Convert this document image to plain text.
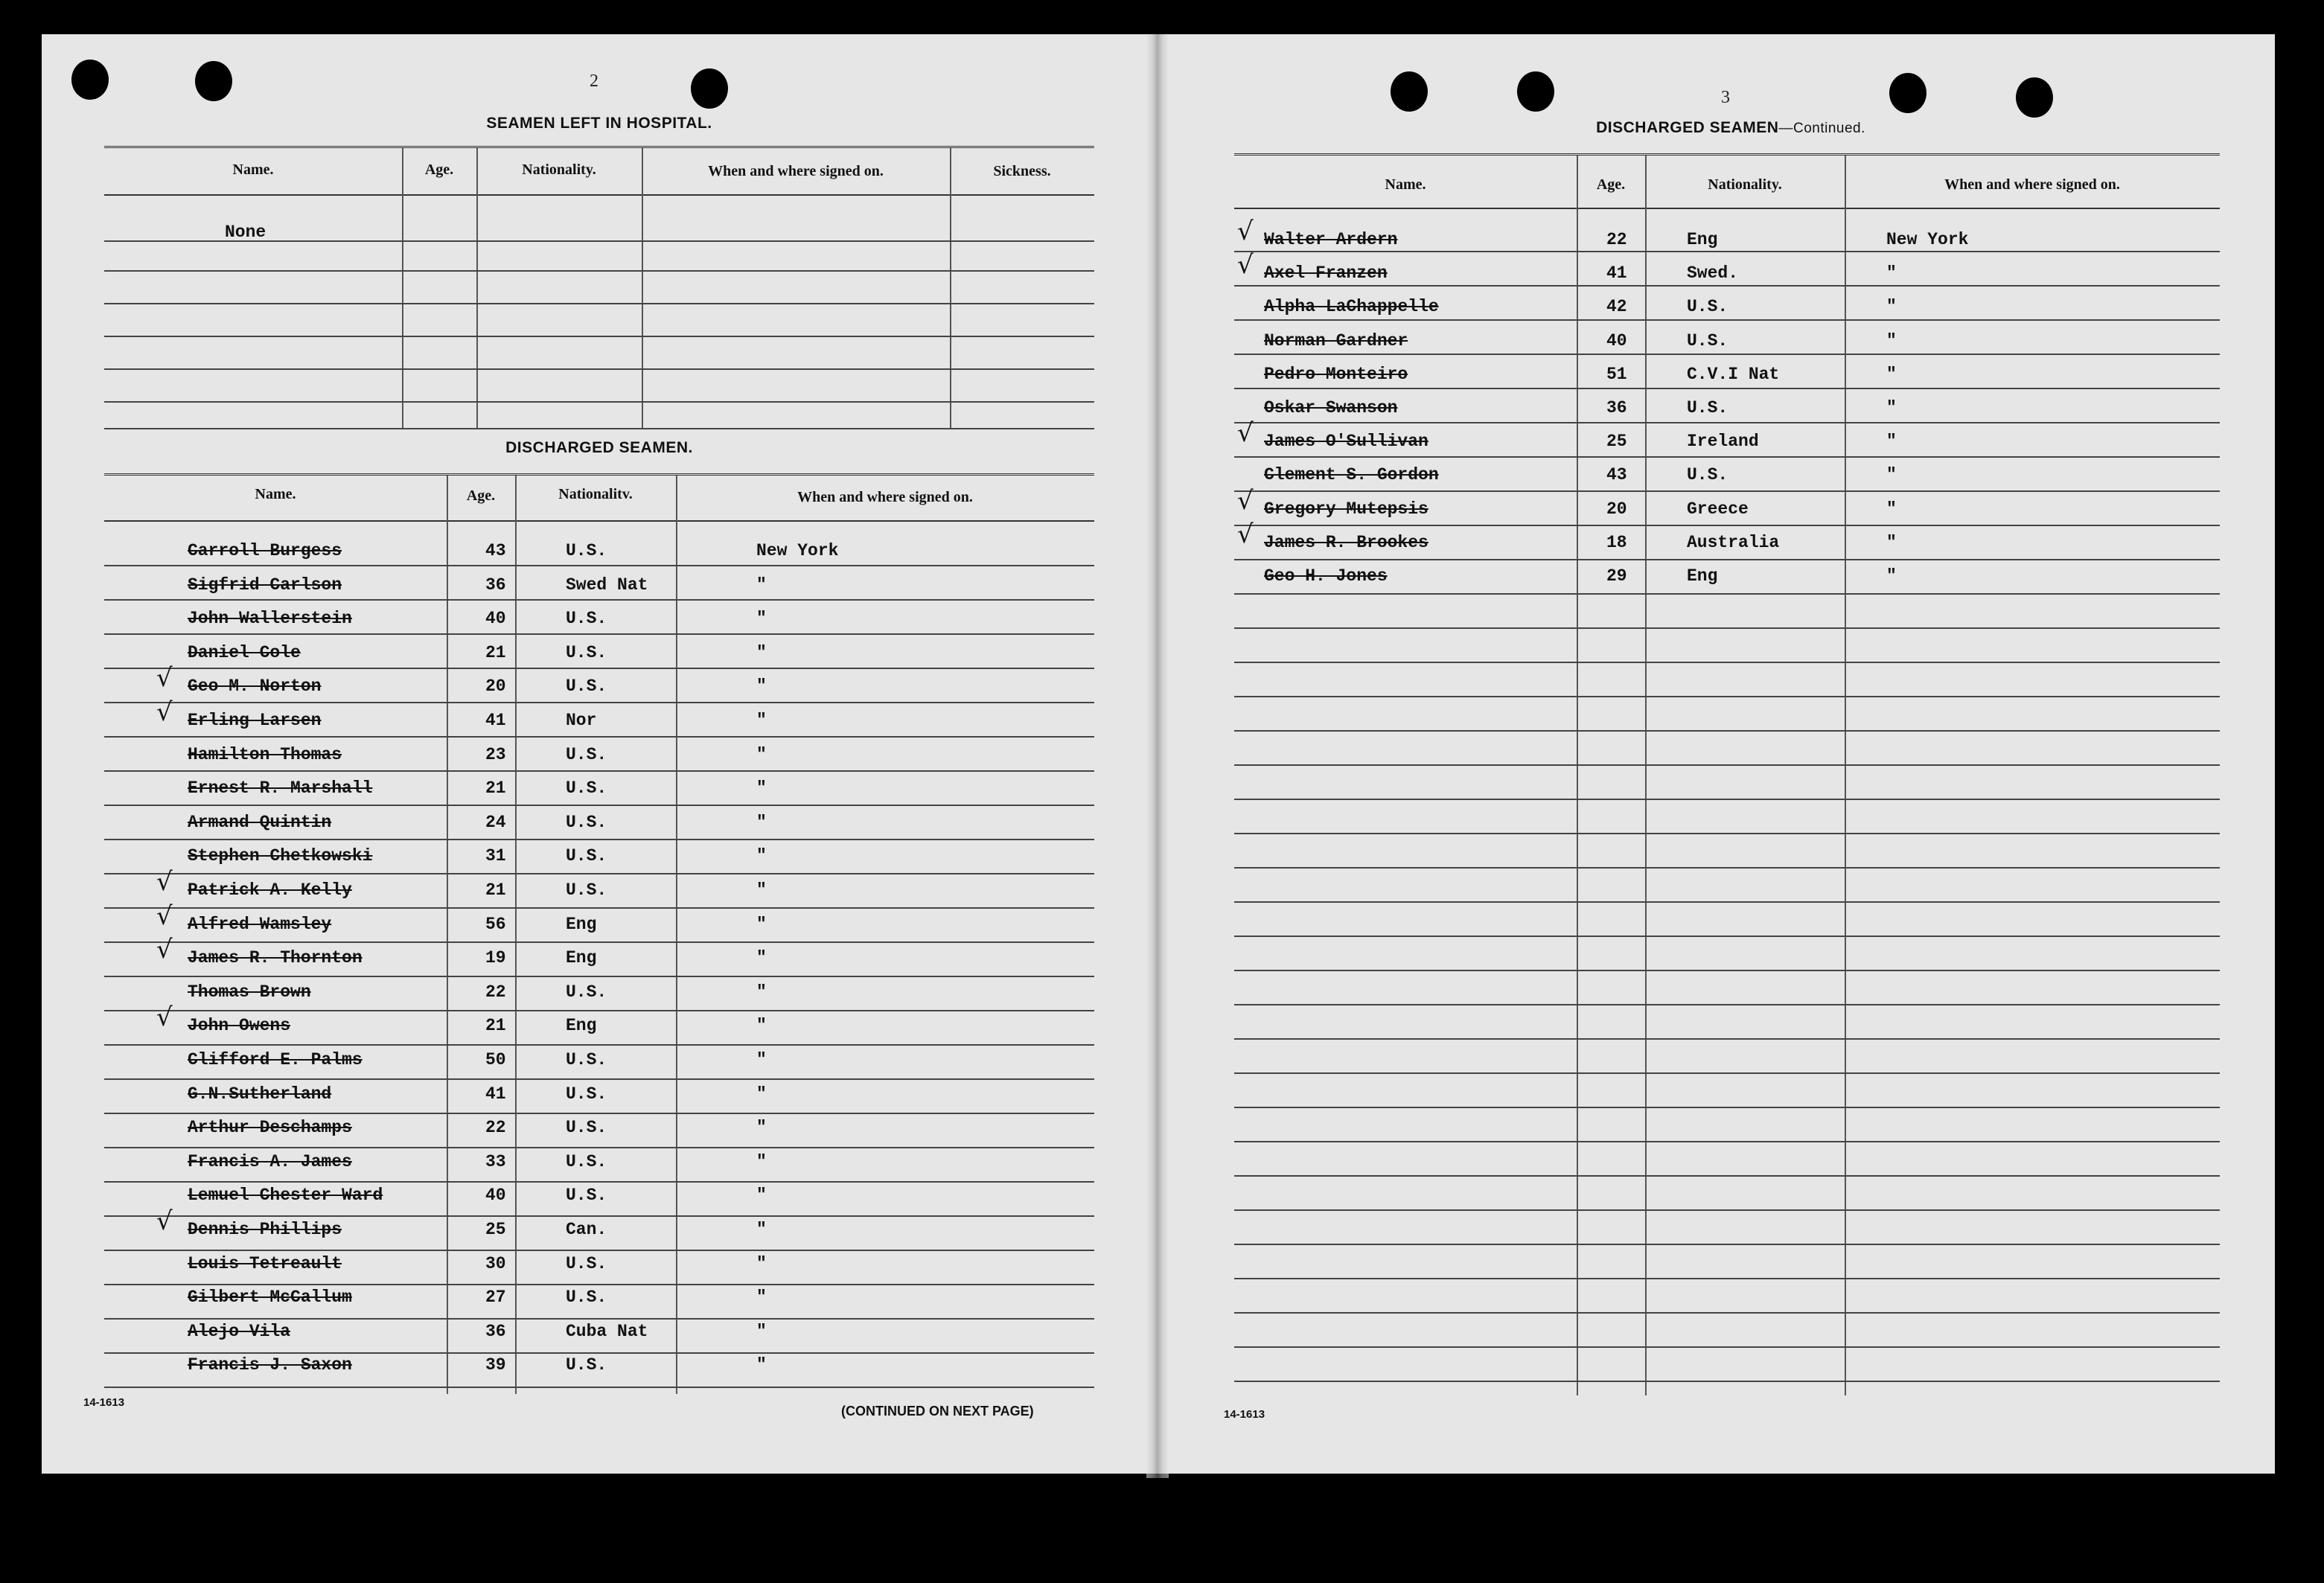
2
SEAMEN LEFT IN HOSPITAL.
Name.	Age.	Nationality.	When and where signed on.	Sickness.
None
DISCHARGED SEAMEN.
Name.	Age.	Nationalitv.	When and where signed on.
Carroll Burgess	43	U.S.	New York
Sigfrid Carlson	36	Swed Nat	"
John Wallerstein	40	U.S.	"
Daniel Cole	21	U.S.	"
Geo M. Norton	20	U.S.	"
√
Erling Larsen	41	Nor	"
√
Hamilton Thomas	23	U.S.	"
Ernest R. Marshall	21	U.S.	"
Armand Quintin	24	U.S.	"
Stephen Chetkowski	31	U.S.	"
Patrick A. Kelly	21	U.S.	"
√
Alfred Wamsley	56	Eng	"
√
James R. Thornton	19	Eng	"
√
Thomas Brown	22	U.S.	"
John Owens	21	Eng	"
√
Clifford E. Palms	50	U.S.	"
G.N.Sutherland	41	U.S.	"
Arthur Deschamps	22	U.S.	"
Francis A. James	33	U.S.	"
Lemuel Chester Ward	40	U.S.	"
Dennis Phillips	25	Can.	"
√
Louis Tetreault	30	U.S.	"
Gilbert McCallum	27	U.S.	"
Alejo Vila	36	Cuba Nat	"
Francis J. Saxon	39	U.S.	"
14-1613
(CONTINUED ON NEXT PAGE)
3
DISCHARGED SEAMEN—Continued.
Name.	Age.	Nationality.	When and where signed on.
Walter Ardern	22	Eng	New York
√
Axel Franzen	41	Swed.	"
√
Alpha LaChappelle	42	U.S.	"
Norman Gardner	40	U.S.	"
Pedro Monteiro	51	C.V.I Nat	"
Oskar Swanson	36	U.S.	"
James O'Sullivan	25	Ireland	"
√
Clement S. Gordon	43	U.S.	"
Gregory Mutepsis	20	Greece	"
√
James R. Brookes	18	Australia	"
√
Geo H. Jones	29	Eng	"
14-1613
